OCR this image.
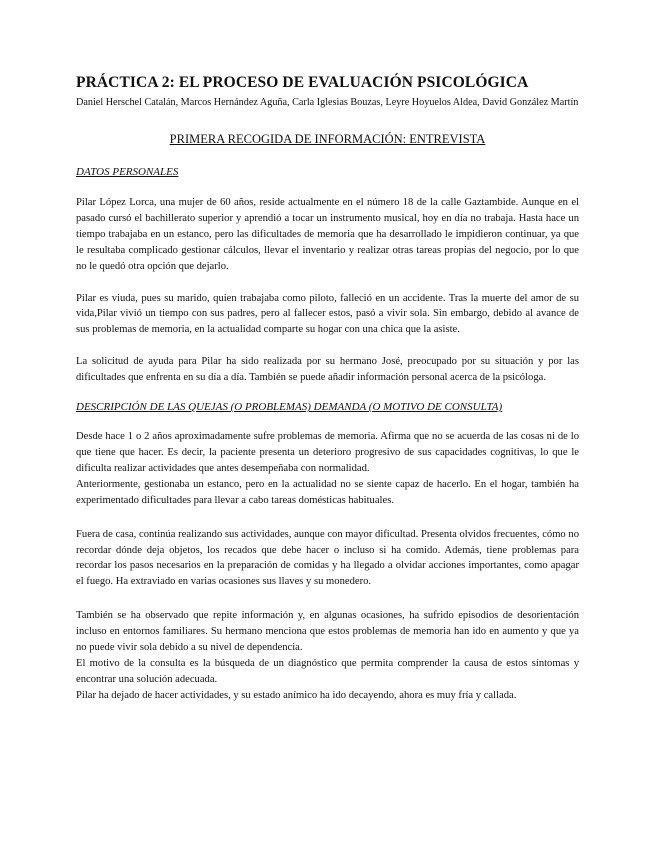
PRÁCTICA 2: EL PROCESO DE EVALUACIÓN PSICOLÓGICA

Daniel Herschel Catalán, Marcos Hernández Aguña, Carla Iglesias Bouzas, Leyre Hoyuelos Aldea, David González Martín

PRIMERA RECOGIDA DE INFORMACIÓN: ENTREVISTA

DATOS PERSONALES

Pilar López Lorca, una mujer de 60 años, reside actualmente en el número 18 de la calle Gaztambide. Aunque en el pasado cursó el bachillerato superior y aprendió a tocar un instrumento musical, hoy en día no trabaja. Hasta hace un tiempo trabajaba en un estanco, pero las dificultades de memoria que ha desarrollado le impidieron continuar, ya que le resultaba complicado gestionar cálculos, llevar el inventario y realizar otras tareas propias del negocio, por lo que no le quedó otra opción que dejarlo.

Pilar es viuda, pues su marido, quien trabajaba como piloto, falleció en un accidente. Tras la muerte del amor de su vida,Pilar vivió un tiempo con sus padres, pero al fallecer estos, pasó a vivir sola. Sin embargo, debido al avance de sus problemas de memoria, en la actualidad comparte su hogar con una chica que la asiste.

La solicitud de ayuda para Pilar ha sido realizada por su hermano José, preocupado por su situación y por las dificultades que enfrenta en su día a día. También se puede añadir información personal acerca de la psicóloga.

DESCRIPCIÓN DE LAS QUEJAS (O PROBLEMAS) DEMANDA (O MOTIVO DE CONSULTA)

Desde hace 1 o 2 años aproximadamente sufre problemas de memoria. Afirma que no se acuerda de las cosas ni de lo que tiene que hacer. Es decir, la paciente presenta un deterioro progresivo de sus capacidades cognitivas, lo que le dificulta realizar actividades que antes desempeñaba con normalidad.

Anteriormente, gestionaba un estanco, pero en la actualidad no se siente capaz de hacerlo. En el hogar, también ha experimentado dificultades para llevar a cabo tareas domésticas habituales.

Fuera de casa, continúa realizando sus actividades, aunque con mayor dificultad. Presenta olvidos frecuentes, cómo no recordar dónde deja objetos, los recados que debe hacer o incluso si ha comido. Además, tiene problemas para recordar los pasos necesarios en la preparación de comidas y ha llegado a olvidar acciones importantes, como apagar el fuego. Ha extraviado en varias ocasiones sus llaves y su monedero.

También se ha observado que repite información y, en algunas ocasiones, ha sufrido episodios de desorientación incluso en entornos familiares. Su hermano menciona que estos problemas de memoria han ido en aumento y que ya no puede vivir sola debido a su nivel de dependencia.

El motivo de la consulta es la búsqueda de un diagnóstico que permita comprender la causa de estos síntomas y encontrar una solución adecuada.

Pilar ha dejado de hacer actividades, y su estado anímico ha ido decayendo, ahora es muy fría y callada.
